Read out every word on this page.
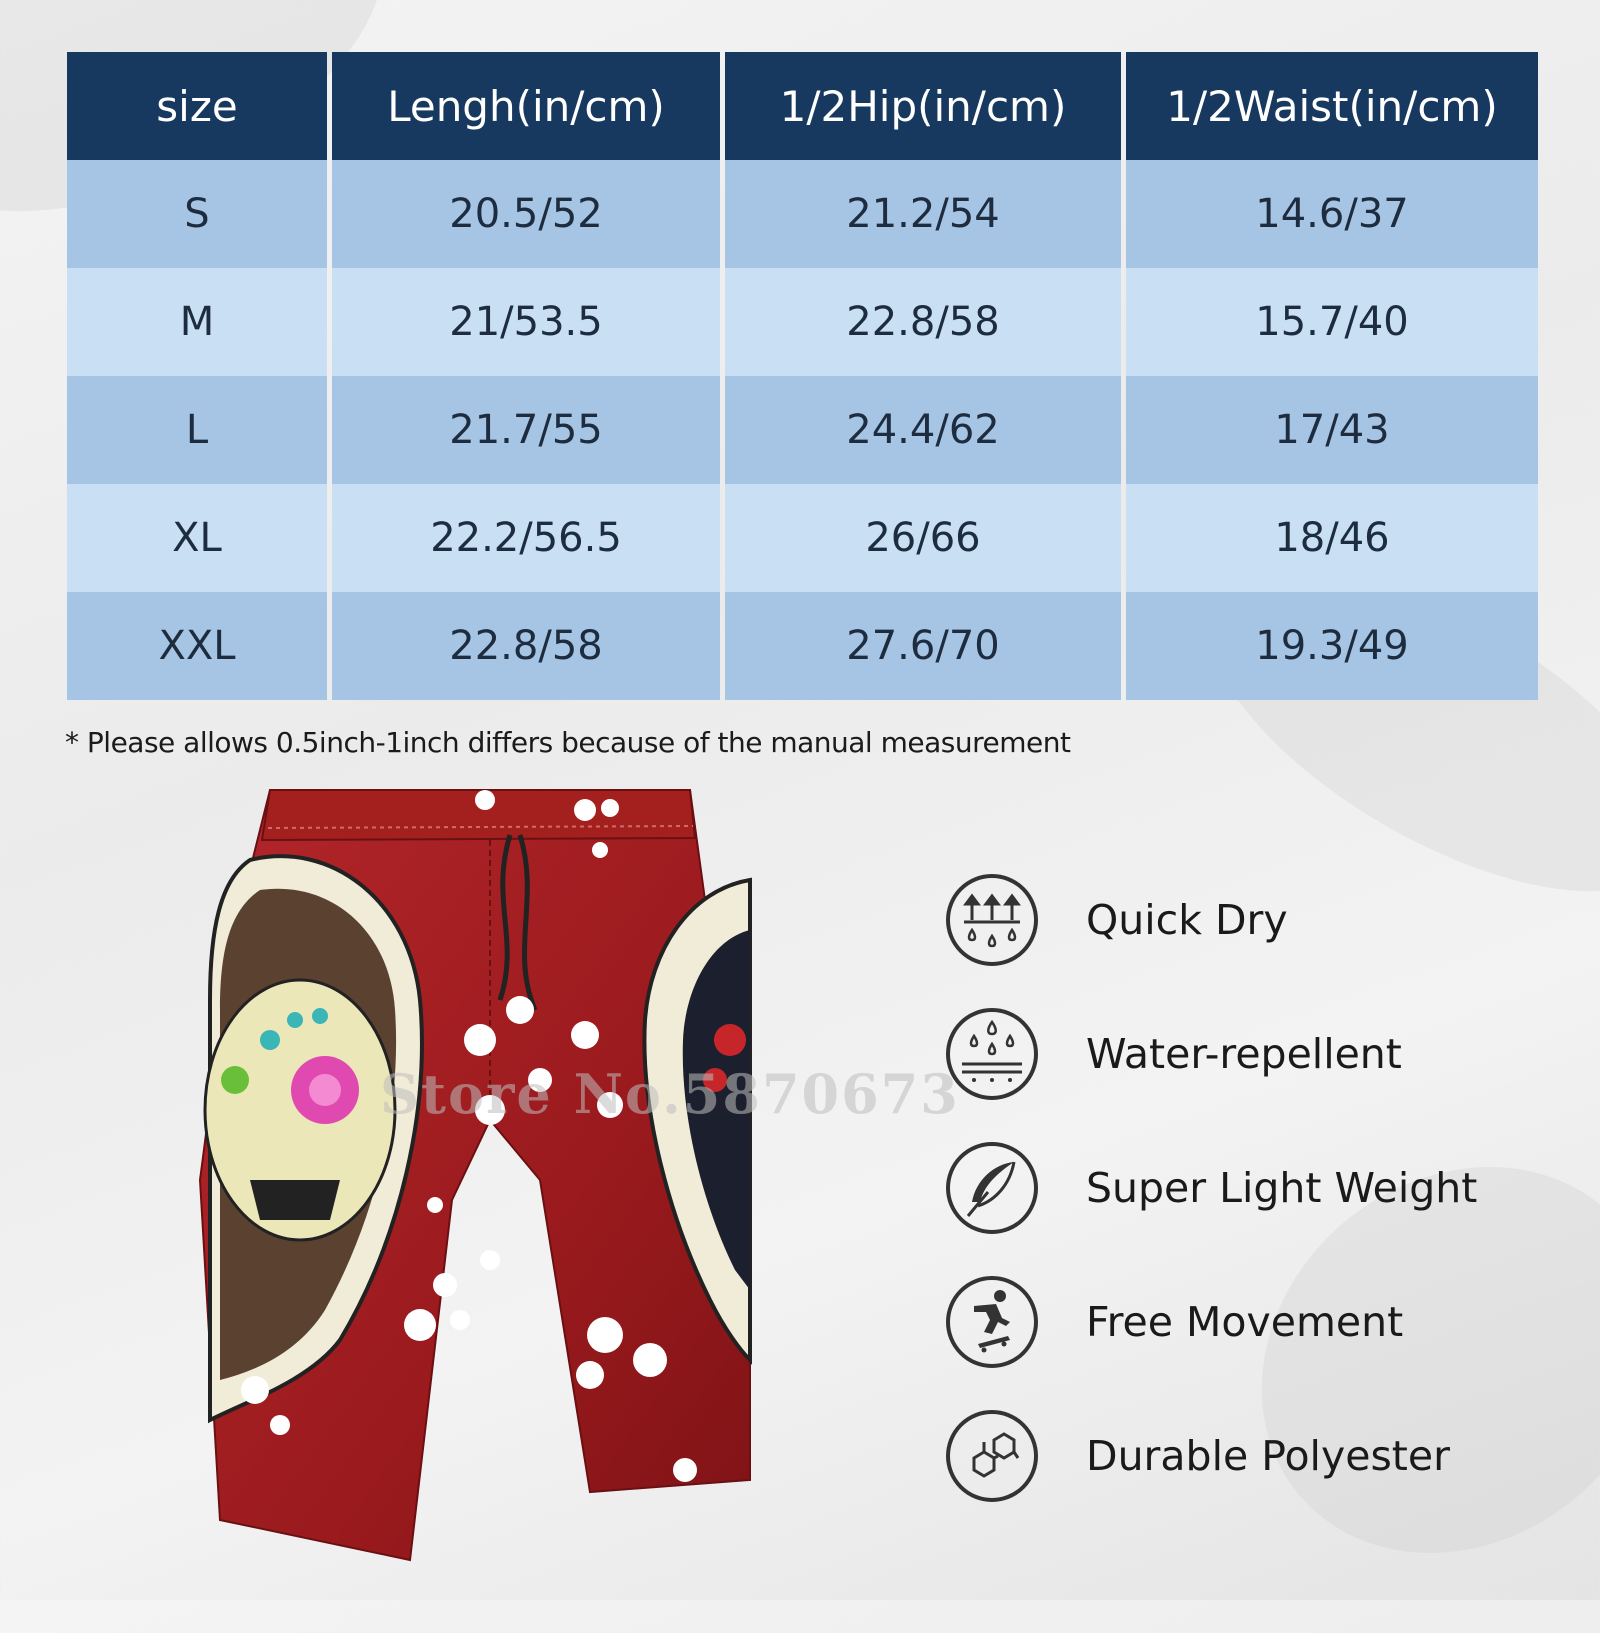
size	Lengh(in/cm)	1/2Hip(in/cm)	1/2Waist(in/cm)
S	20.5/52	21.2/54	14.6/37
M	21/53.5	22.8/58	15.7/40
L	21.7/55	24.4/62	17/43
XL	22.2/56.5	26/66	18/46
XXL	22.8/58	27.6/70	19.3/49
* Please allows 0.5inch-1inch differs because of the manual measurement
Store No.5870673
Quick Dry
Water-repellent
Super Light Weight
Free Movement
Durable Polyester
